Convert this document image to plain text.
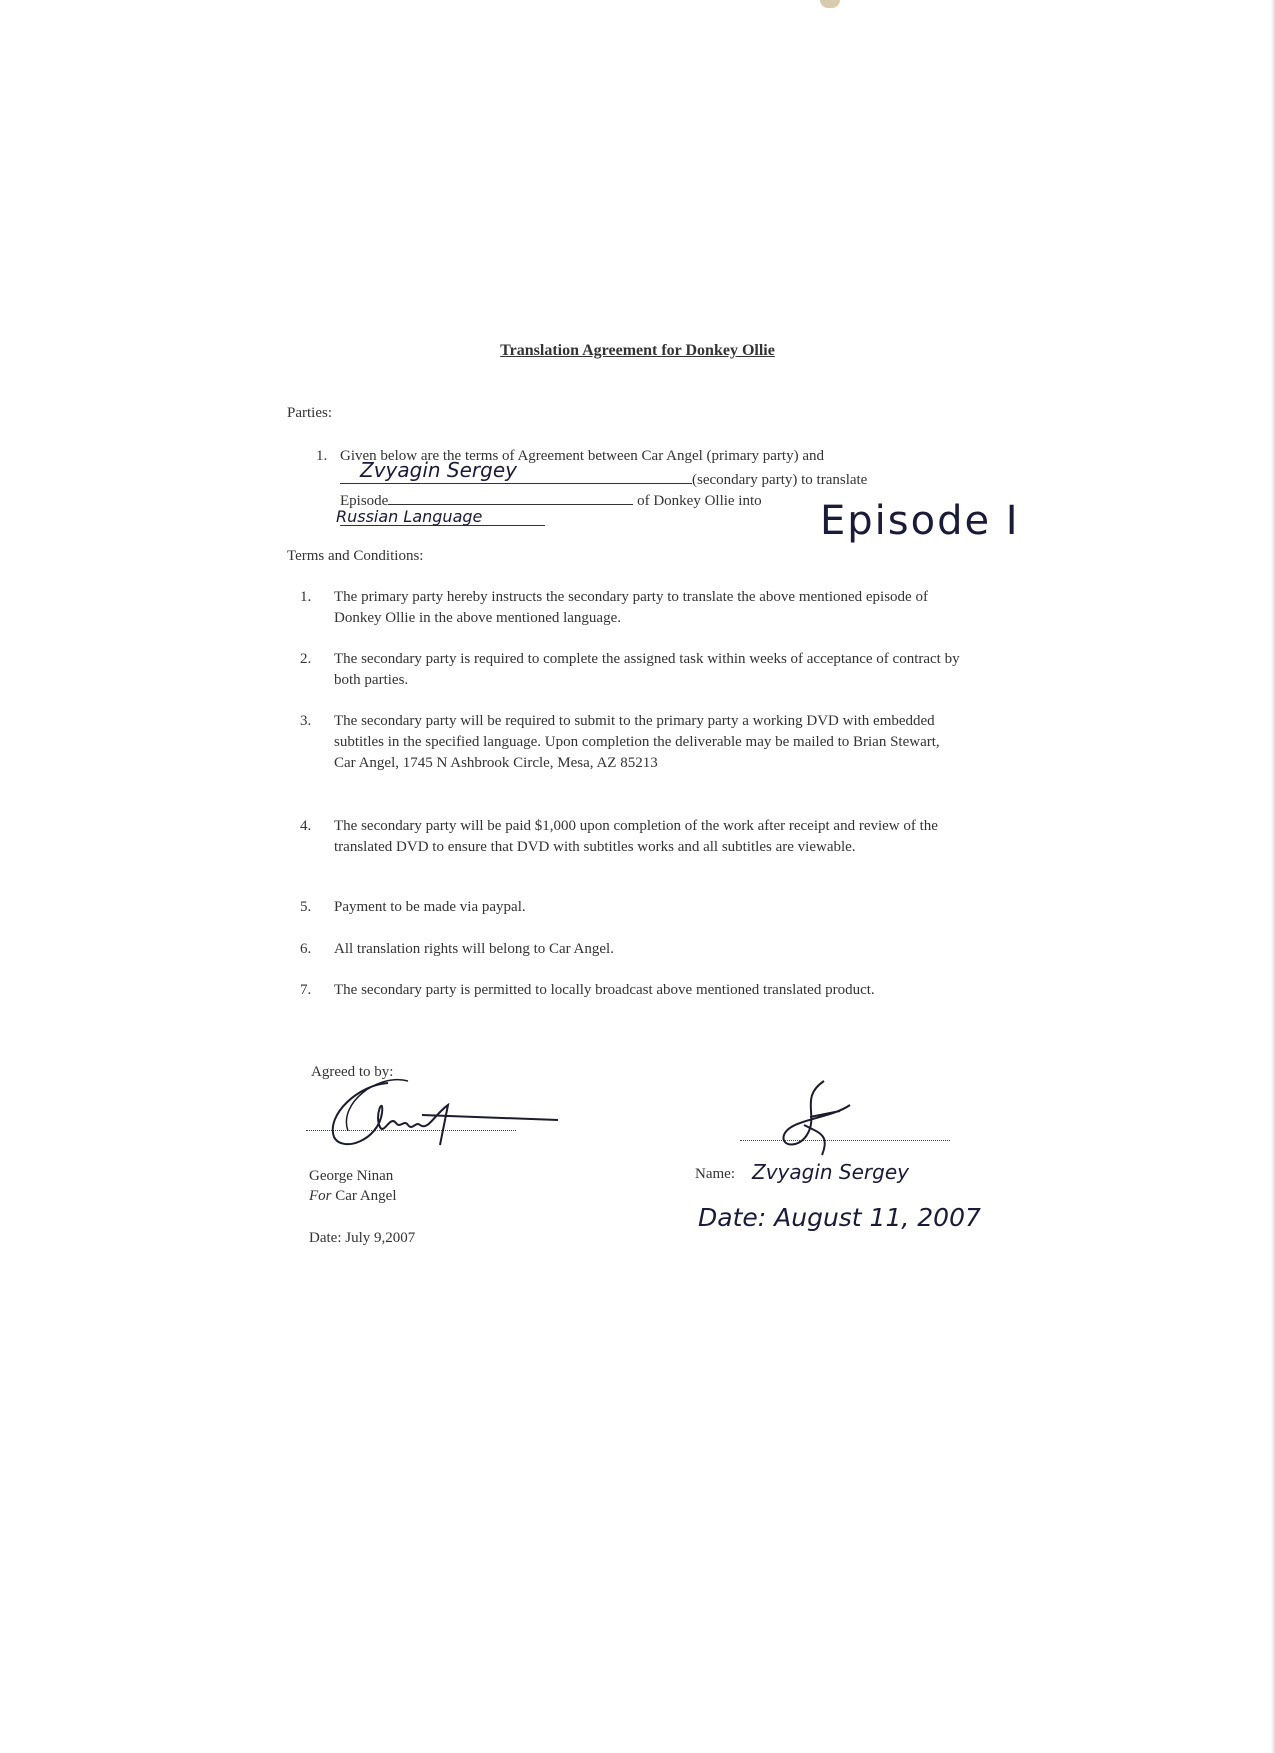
Translation Agreement for Donkey Ollie
Parties:
1. Given below are the terms of Agreement between Car Angel (primary party) and
(secondary party) to translate
Episode	of Donkey Ollie into
Zvyagin Sergey
Russian Language	Episode I
Terms and Conditions:
1.	The primary party hereby instructs the secondary party to translate the above mentioned episode of Donkey Ollie in the above mentioned language.
2.	The secondary party is required to complete the assigned task within weeks of acceptance of contract by both parties.
3.	The secondary party will be required to submit to the primary party a working DVD with embedded subtitles in the specified language. Upon completion the deliverable may be mailed to Brian Stewart, Car Angel, 1745 N Ashbrook Circle, Mesa, AZ 85213
4.	The secondary party will be paid $1,000 upon completion of the work after receipt and review of the translated DVD to ensure that DVD with subtitles works and all subtitles are viewable.
5.	Payment to be made via paypal.
6.	All translation rights will belong to Car Angel.
7.	The secondary party is permitted to locally broadcast above mentioned translated product.
Agreed to by:
George Ninan
For Car Angel
Date: July 9,2007
Name: Zvyagin Sergey
Date: August 11, 2007
